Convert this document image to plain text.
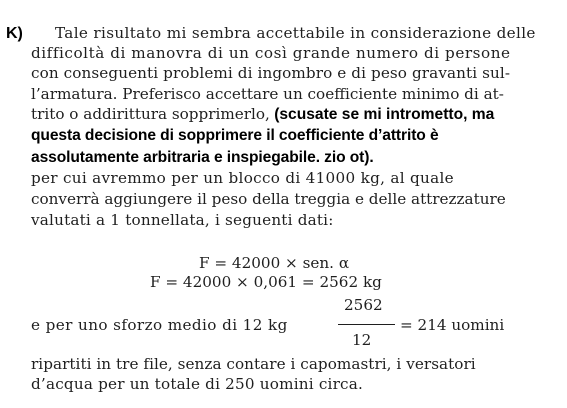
K) Tale risultato mi sembra accettabile in considerazione delle
difficoltà di manovra di un così grande numero di persone
con conseguenti problemi di ingombro e di peso gravanti sul-
l’armatura. Preferisco accettare un coefficiente minimo di at-
trito o addirittura sopprimerlo, (scusate se mi intrometto, ma
questa decisione di sopprimere il coefficiente d’attrito è
assolutamente arbitraria e inspiegabile. zio ot).
per cui avremmo per un blocco di 41000 kg, al quale
converrà aggiungere il peso della treggia e delle attrezzature
valutati a 1 tonnellata, i seguenti dati:
F = 42000 × sen. α
F = 42000 × 0,061 = 2562 kg
2562
12
e per uno sforzo medio di 12 kg	= 214 uomini
ripartiti in tre file, senza contare i capomastri, i versatori
d’acqua per un totale di 250 uomini circa.
